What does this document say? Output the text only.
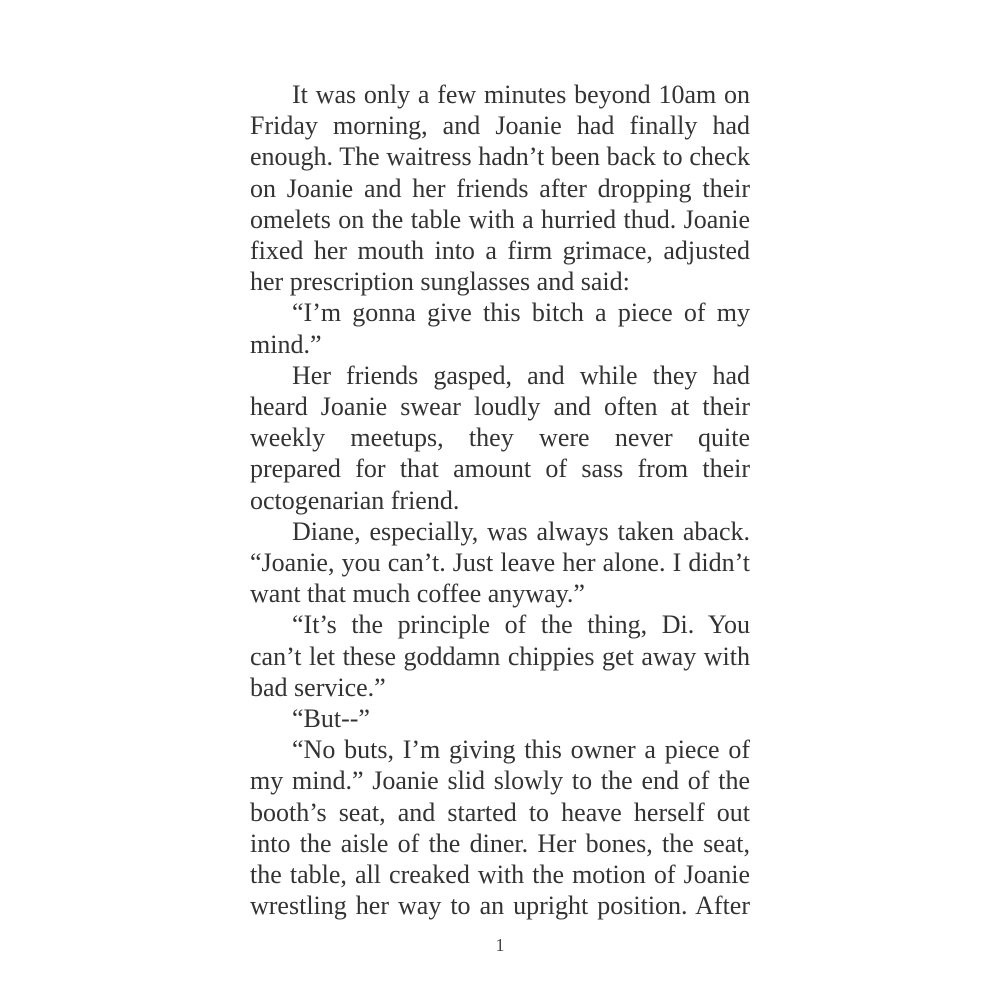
It was only a few minutes beyond 10am on Friday morning, and Joanie had finally had enough. The waitress hadn’t been back to check on Joanie and her friends after dropping their omelets on the table with a hurried thud. Joanie fixed her mouth into a firm grimace, adjusted her prescription sunglasses and said:

“I’m gonna give this bitch a piece of my mind.”

Her friends gasped, and while they had heard Joanie swear loudly and often at their weekly meetups, they were never quite prepared for that amount of sass from their octogenarian friend.

Diane, especially, was always taken aback. “Joanie, you can’t. Just leave her alone. I didn’t want that much coffee anyway.”

“It’s the principle of the thing, Di. You can’t let these goddamn chippies get away with bad service.”

“But--”

“No buts, I’m giving this owner a piece of my mind.” Joanie slid slowly to the end of the booth’s seat, and started to heave herself out into the aisle of the diner. Her bones, the seat, the table, all creaked with the motion of Joanie wrestling her way to an upright position. After

1
